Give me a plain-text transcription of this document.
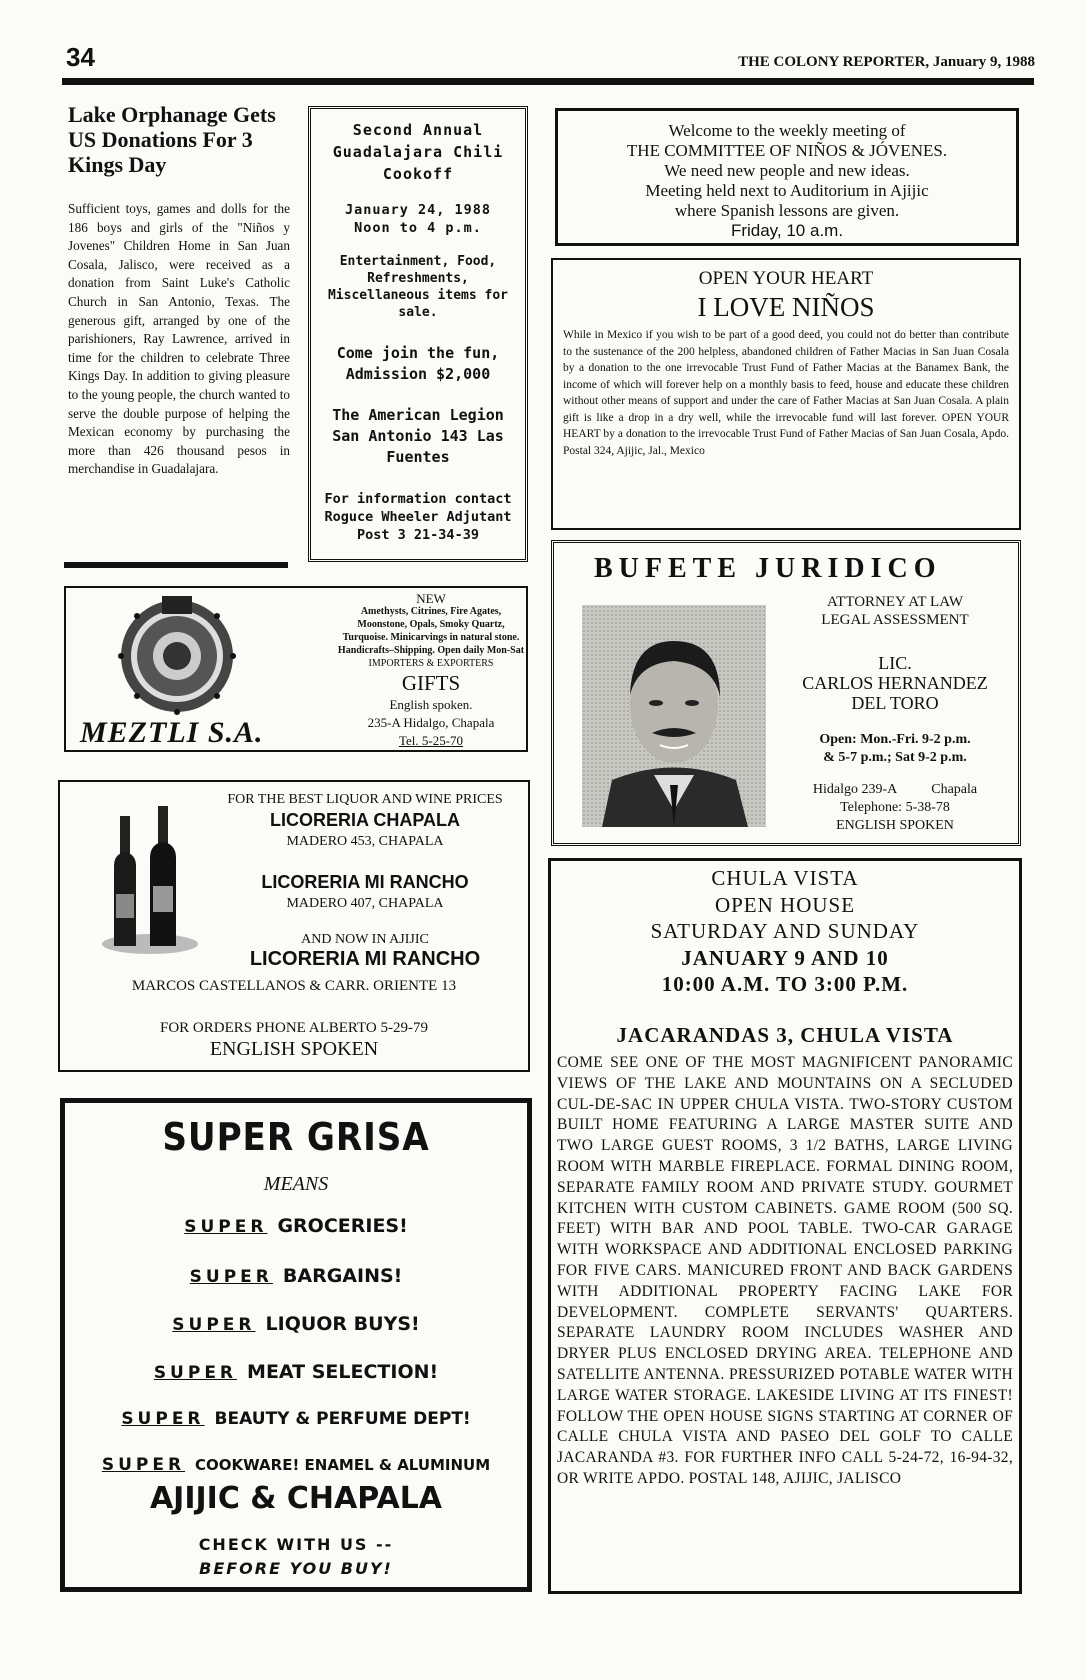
34	THE COLONY REPORTER, January 9, 1988
Lake Orphanage Gets US Donations For 3 Kings Day
Sufficient toys, games and dolls for the 186 boys and girls of the "Niños y Jovenes" Children Home in San Juan Cosala, Jalisco, were received as a donation from Saint Luke's Catholic Church in San Antonio, Texas. The generous gift, arranged by one of the parishioners, Ray Lawrence, arrived in time for the children to celebrate Three Kings Day. In addition to giving pleasure to the young people, the church wanted to serve the double purpose of helping the Mexican economy by purchasing the more than 426 thousand pesos in merchandise in Guadalajara.
Second Annual Guadalajara Chili Cookoff
January 24, 1988
Noon to 4 p.m.
Entertainment, Food, Refreshments, Miscellaneous items for sale.
Come join the fun,
Admission $2,000
The American Legion San Antonio 143 Las Fuentes
For information contact Roguce Wheeler Adjutant Post 3 21-34-39
Welcome to the weekly meeting of
THE COMMITTEE OF NIÑOS & JÓVENES.
We need new people and new ideas.
Meeting held next to Auditorium in Ajijic
where Spanish lessons are given.
Friday, 10 a.m.
OPEN YOUR HEART
I LOVE NIÑOS
While in Mexico if you wish to be part of a good deed, you could not do better than contribute to the sustenance of the 200 helpless, abandoned children of Father Macias in San Juan Cosala by a donation to the one irrevocable Trust Fund of Father Macias at the Banamex Bank, the income of which will forever help on a monthly basis to feed, house and educate these children without other means of support and under the care of Father Macias at San Juan Cosala. A plain gift is like a drop in a dry well, while the irrevocable fund will last forever. OPEN YOUR HEART by a donation to the irrevocable Trust Fund of Father Macias of San Juan Cosala, Apdo. Postal 324, Ajijic, Jal., Mexico
BUFETE JURIDICO
ATTORNEY AT LAW
LEGAL ASSESSMENT
LIC.
CARLOS HERNANDEZ
DEL TORO
Open: Mon.-Fri. 9-2 p.m.
& 5-7 p.m.; Sat 9-2 p.m.
Hidalgo 239-A Chapala
Telephone: 5-38-78
ENGLISH SPOKEN
MEZTLI S.A.
NEW
Amethysts, Citrines, Fire Agates, Moonstone, Opals, Smoky Quartz, Turquoise. Minicarvings in natural stone. Handicrafts–Shipping. Open daily Mon-Sat
IMPORTERS & EXPORTERS
GIFTS
English spoken.
235-A Hidalgo, Chapala
Tel. 5-25-70
FOR THE BEST LIQUOR AND WINE PRICES
LICORERIA CHAPALA
MADERO 453, CHAPALA
LICORERIA MI RANCHO
MADERO 407, CHAPALA
AND NOW IN AJIJIC
LICORERIA MI RANCHO
MARCOS CASTELLANOS & CARR. ORIENTE 13
FOR ORDERS PHONE ALBERTO 5-29-79
ENGLISH SPOKEN
SUPER GRISA
MEANS
SUPER GROCERIES!
SUPER BARGAINS!
SUPER LIQUOR BUYS!
SUPER MEAT SELECTION!
SUPER BEAUTY & PERFUME DEPT!
SUPER COOKWARE! ENAMEL & ALUMINUM
AJIJIC & CHAPALA
CHECK WITH US --
BEFORE YOU BUY!
CHULA VISTA
OPEN HOUSE
SATURDAY AND SUNDAY
JANUARY 9 AND 10
10:00 A.M. TO 3:00 P.M.
JACARANDAS 3, CHULA VISTA
COME SEE ONE OF THE MOST MAGNIFICENT PANORAMIC VIEWS OF THE LAKE AND MOUNTAINS ON A SECLUDED CUL-DE-SAC IN UPPER CHULA VISTA. TWO-STORY CUSTOM BUILT HOME FEATURING A LARGE MASTER SUITE AND TWO LARGE GUEST ROOMS, 3 1/2 BATHS, LARGE LIVING ROOM WITH MARBLE FIREPLACE. FORMAL DINING ROOM, SEPARATE FAMILY ROOM AND PRIVATE STUDY. GOURMET KITCHEN WITH CUSTOM CABINETS. GAME ROOM (500 SQ. FEET) WITH BAR AND POOL TABLE. TWO-CAR GARAGE WITH WORKSPACE AND ADDITIONAL ENCLOSED PARKING FOR FIVE CARS. MANICURED FRONT AND BACK GARDENS WITH ADDITIONAL PROPERTY FACING LAKE FOR DEVELOPMENT. COMPLETE SERVANTS' QUARTERS. SEPARATE LAUNDRY ROOM INCLUDES WASHER AND DRYER PLUS ENCLOSED DRYING AREA. TELEPHONE AND SATELLITE ANTENNA. PRESSURIZED POTABLE WATER WITH LARGE WATER STORAGE. LAKESIDE LIVING AT ITS FINEST! FOLLOW THE OPEN HOUSE SIGNS STARTING AT CORNER OF CALLE CHULA VISTA AND PASEO DEL GOLF TO CALLE JACARANDA #3. FOR FURTHER INFO CALL 5-24-72, 16-94-32, OR WRITE APDO. POSTAL 148, AJIJIC, JALISCO
